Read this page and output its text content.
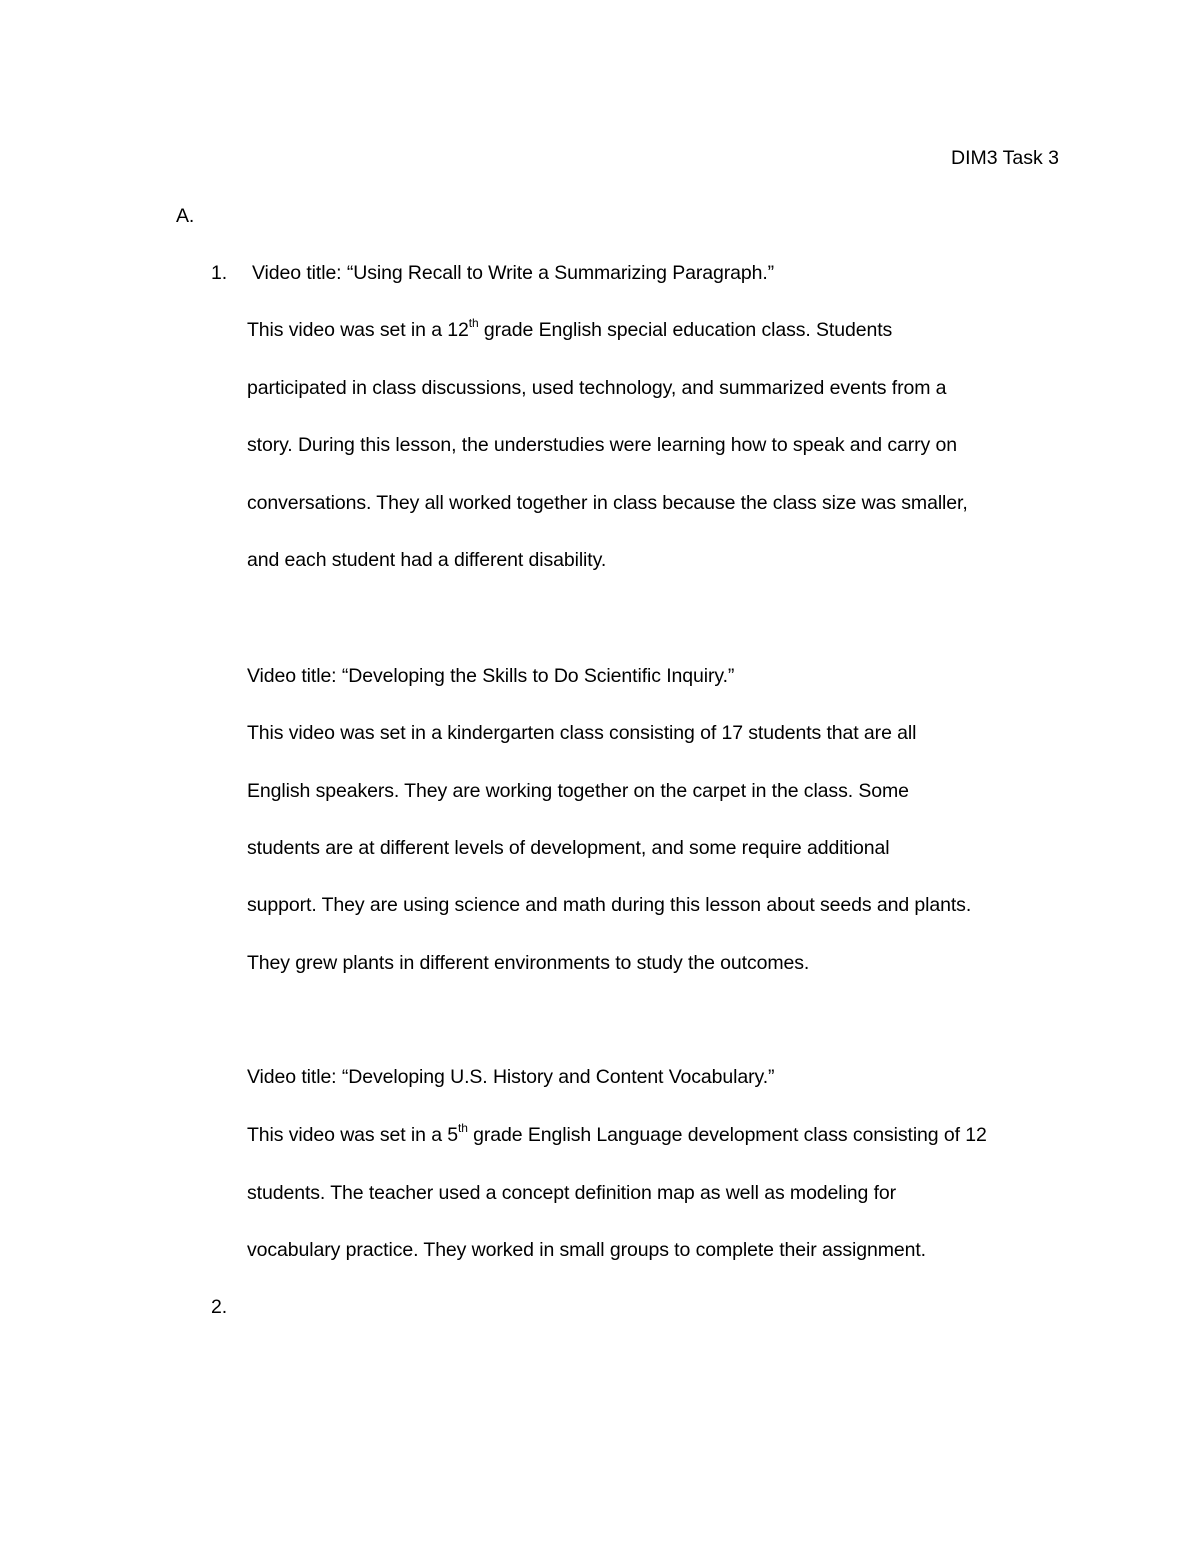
DIM3 Task 3
A.
1. Video title: “Using Recall to Write a Summarizing Paragraph.”
This video was set in a 12th grade English special education class. Students
participated in class discussions, used technology, and summarized events from a
story. During this lesson, the understudies were learning how to speak and carry on
conversations. They all worked together in class because the class size was smaller,
and each student had a different disability.
Video title: “Developing the Skills to Do Scientific Inquiry.”
This video was set in a kindergarten class consisting of 17 students that are all
English speakers. They are working together on the carpet in the class. Some
students are at different levels of development, and some require additional
support. They are using science and math during this lesson about seeds and plants.
They grew plants in different environments to study the outcomes.
Video title: “Developing U.S. History and Content Vocabulary.”
This video was set in a 5th grade English Language development class consisting of 12
students. The teacher used a concept definition map as well as modeling for
vocabulary practice. They worked in small groups to complete their assignment.
2.
